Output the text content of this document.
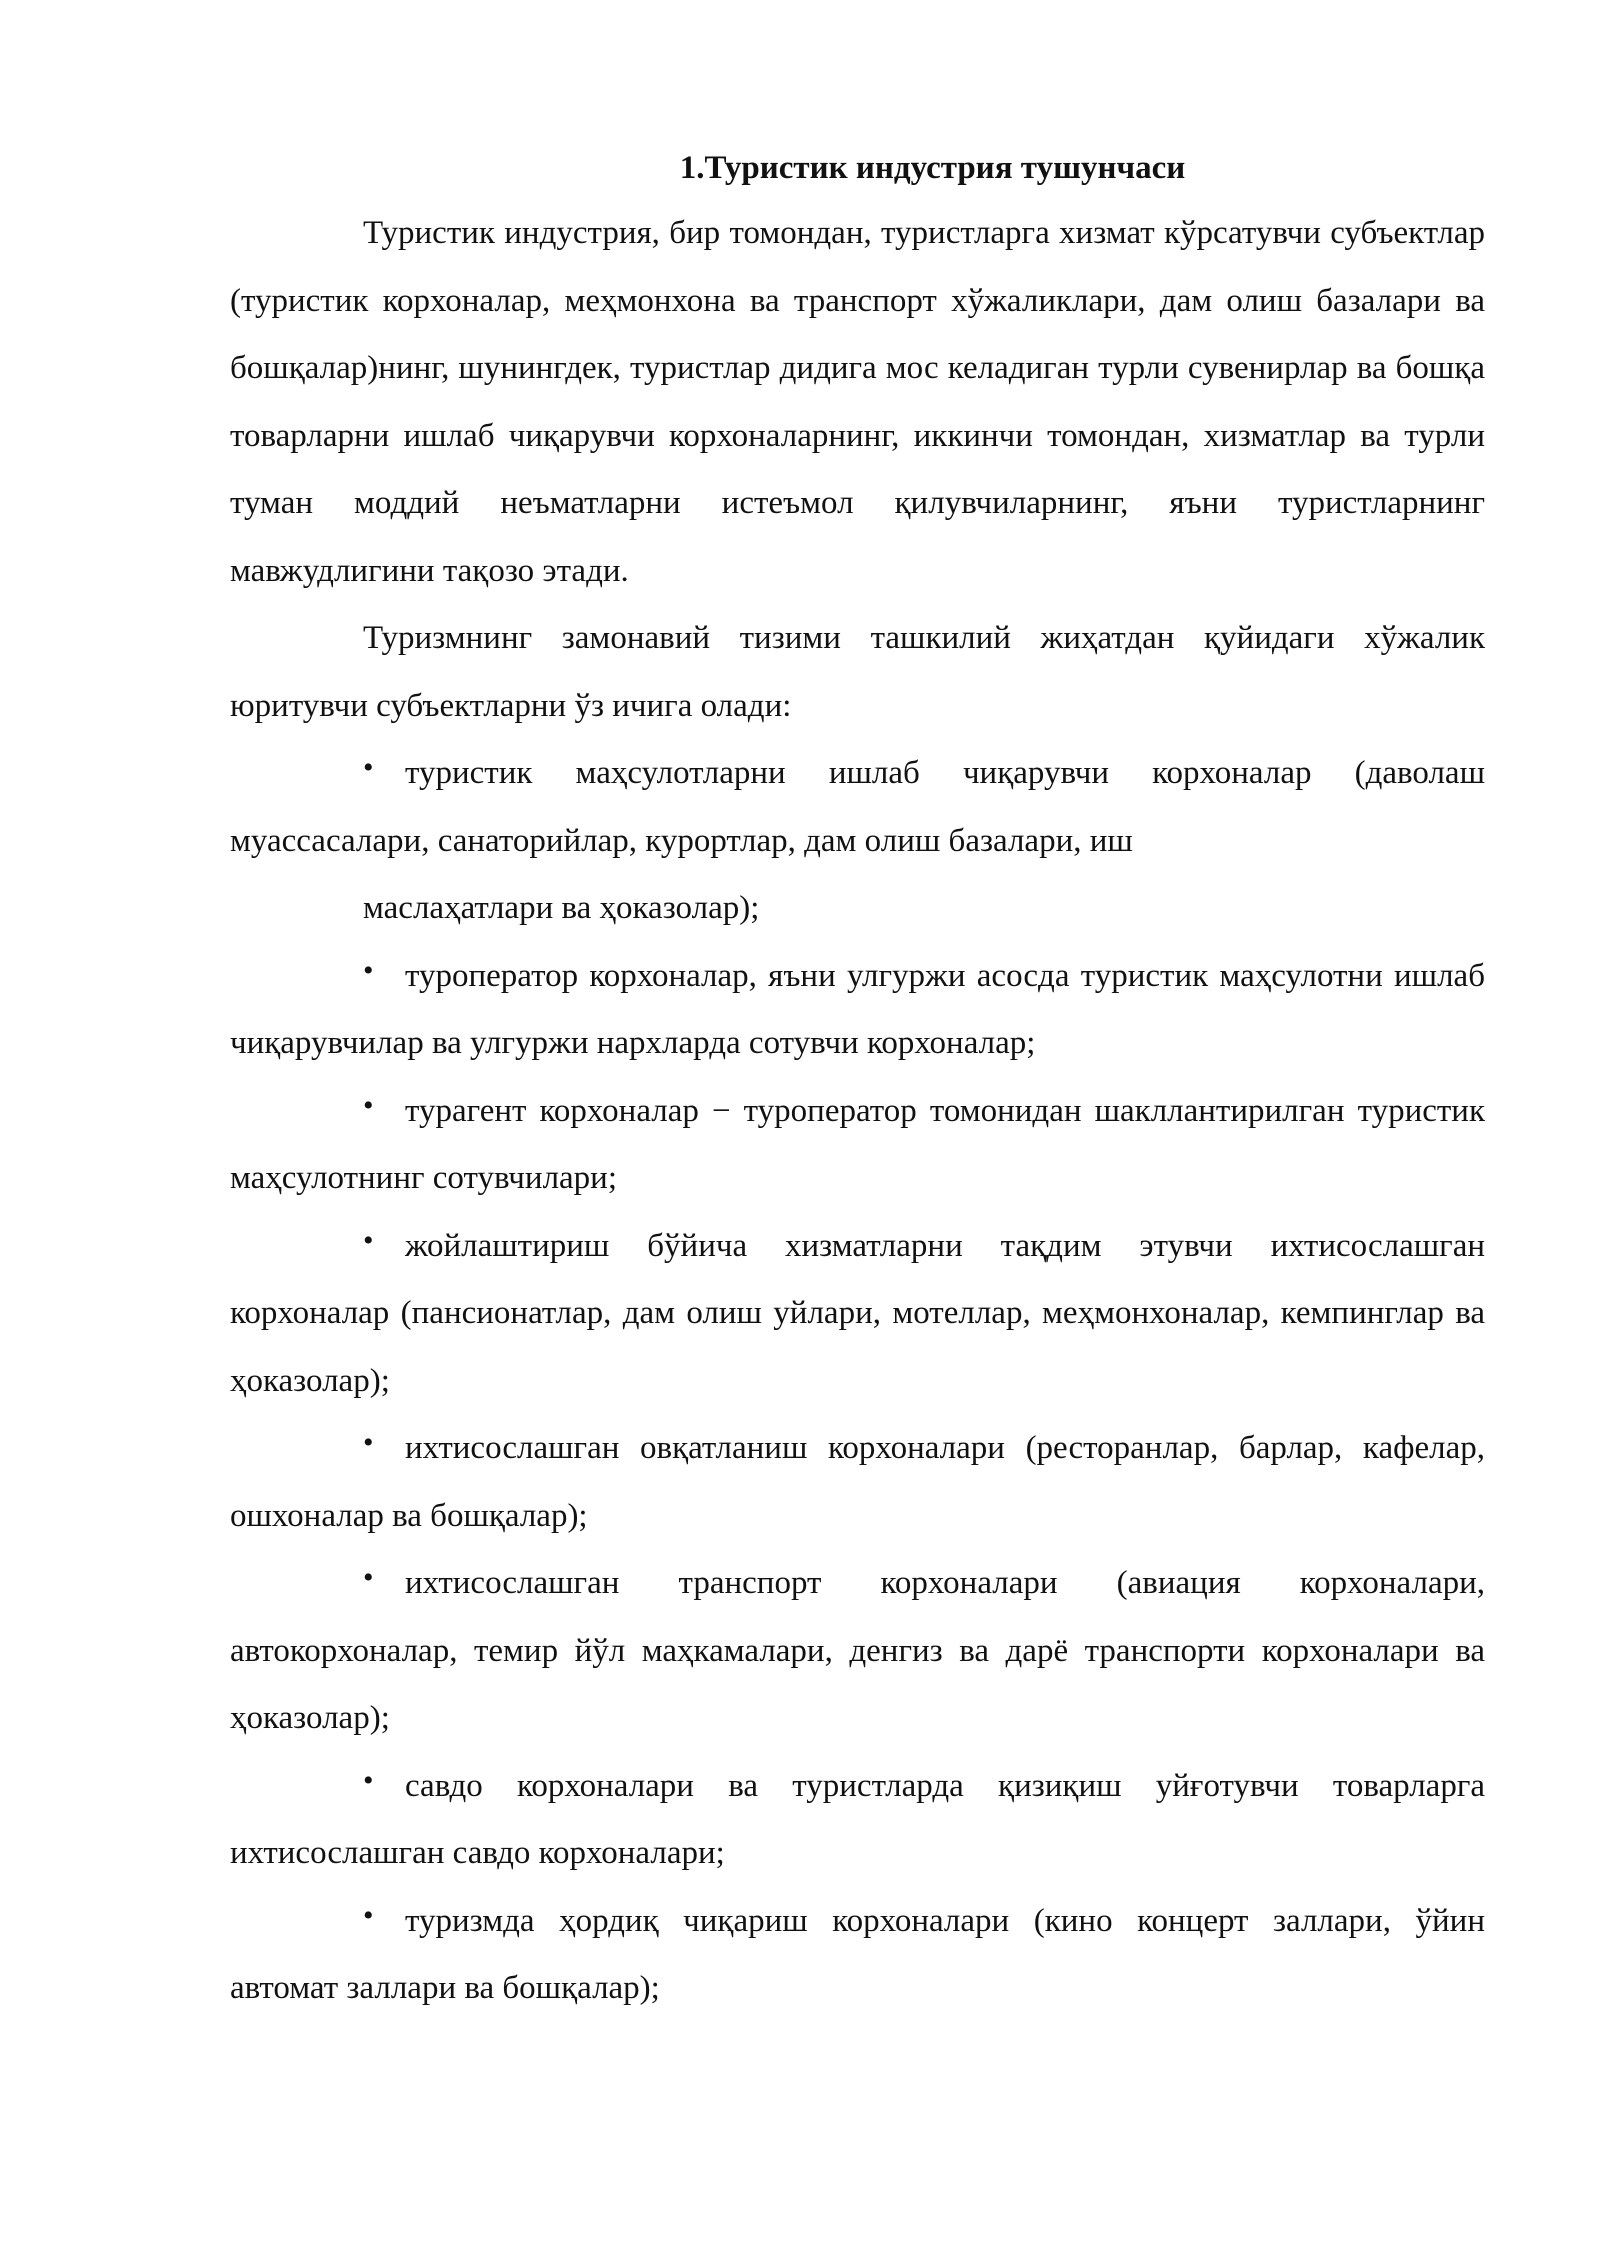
1.Туристик индустрия тушунчаси

Туристик индустрия, бир томондан, туристларга хизмат кўрсатувчи субъектлар (туристик корхоналар, меҳмонхона ва транспорт хўжаликлари, дам олиш базалари ва бошқалар)нинг, шунингдек, туристлар дидига мос келадиган турли сувенирлар ва бошқа товарларни ишлаб чиқарувчи корхоналарнинг, иккинчи томондан, хизматлар ва турли туман моддий неъматларни истеъмол қилувчиларнинг, яъни туристларнинг мавжудлигини тақозо этади.

Туризмнинг замонавий тизими ташкилий жиҳатдан қуйидаги хўжалик юритувчи субъектларни ўз ичига олади:

•туристик маҳсулотларни ишлаб чиқарувчи корхоналар (даволаш муассасалари, санаторийлар, курортлар, дам олиш базалари, иш

маслаҳатлари ва ҳоказолар);

•туроператор корхоналар, яъни улгуржи асосда туристик маҳсулотни ишлаб чиқарувчилар ва улгуржи нархларда сотувчи корхоналар;

•турагент корхоналар − туроператор томонидан шакллантирилган туристик маҳсулотнинг сотувчилари;

•жойлаштириш бўйича хизматларни тақдим этувчи ихтисослашган корхоналар (пансионатлар, дам олиш уйлари, мотеллар, меҳмонхоналар, кемпинглар ва ҳоказолар);

•ихтисослашган овқатланиш корхоналари (ресторанлар, барлар, кафелар, ошхоналар ва бошқалар);

•ихтисослашган транспорт корхоналари (авиация корхоналари, автокорхоналар, темир йўл маҳкамалари, денгиз ва дарё транспорти корхоналари ва ҳоказолар);

•савдо корхоналари ва туристларда қизиқиш уйғотувчи товарларга ихтисослашган савдо корхоналари;

•туризмда ҳордиқ чиқариш корхоналари (кино концерт заллари, ўйин автомат заллари ва бошқалар);
